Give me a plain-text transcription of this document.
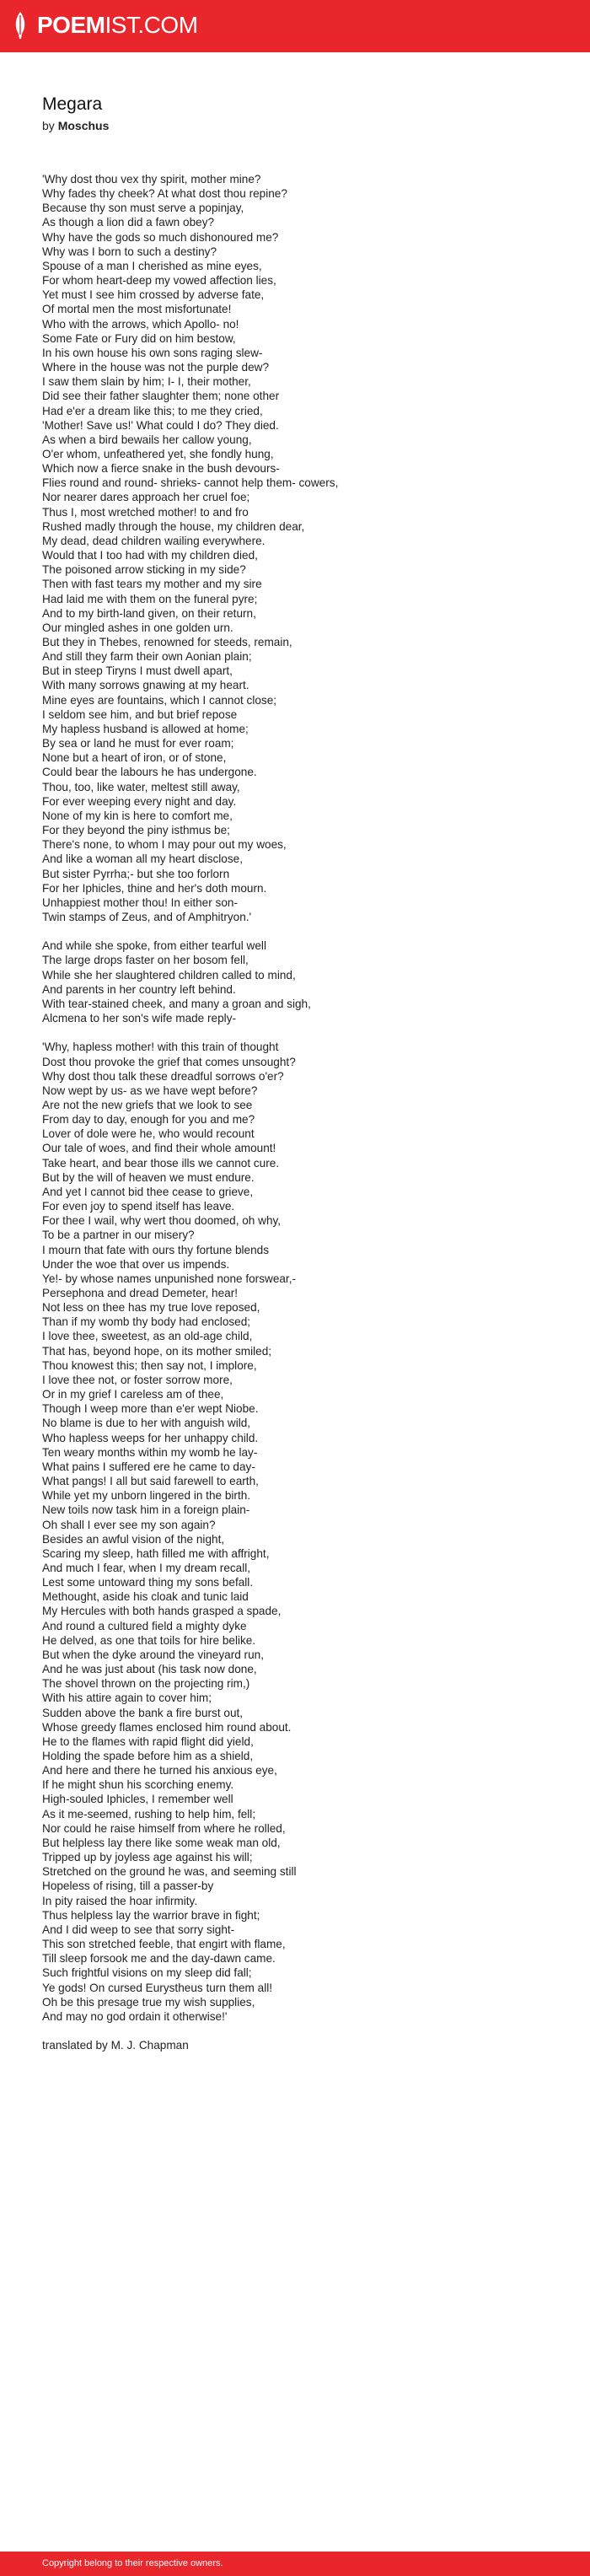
POEMIST.COM
Megara
by Moschus
'Why dost thou vex thy spirit, mother mine?
Why fades thy cheek? At what dost thou repine?
Because thy son must serve a popinjay,
As though a lion did a fawn obey?
Why have the gods so much dishonoured me?
Why was I born to such a destiny?
Spouse of a man I cherished as mine eyes,
For whom heart-deep my vowed affection lies,
Yet must I see him crossed by adverse fate,
Of mortal men the most misfortunate!
Who with the arrows, which Apollo- no!
Some Fate or Fury did on him bestow,
In his own house his own sons raging slew-
Where in the house was not the purple dew?
I saw them slain by him; I- I, their mother,
Did see their father slaughter them; none other
Had e'er a dream like this; to me they cried,
'Mother! Save us!' What could I do? They died.
As when a bird bewails her callow young,
O'er whom, unfeathered yet, she fondly hung,
Which now a fierce snake in the bush devours-
Flies round and round- shrieks- cannot help them- cowers,
Nor nearer dares approach her cruel foe;
Thus I, most wretched mother! to and fro
Rushed madly through the house, my children dear,
My dead, dead children wailing everywhere.
Would that I too had with my children died,
The poisoned arrow sticking in my side?
Then with fast tears my mother and my sire
Had laid me with them on the funeral pyre;
And to my birth-land given, on their return,
Our mingled ashes in one golden urn.
But they in Thebes, renowned for steeds, remain,
And still they farm their own Aonian plain;
But in steep Tiryns I must dwell apart,
With many sorrows gnawing at my heart.
Mine eyes are fountains, which I cannot close;
I seldom see him, and but brief repose
My hapless husband is allowed at home;
By sea or land he must for ever roam;
None but a heart of iron, or of stone,
Could bear the labours he has undergone.
Thou, too, like water, meltest still away,
For ever weeping every night and day.
None of my kin is here to comfort me,
For they beyond the piny isthmus be;
There's none, to whom I may pour out my woes,
And like a woman all my heart disclose,
But sister Pyrrha;- but she too forlorn
For her Iphicles, thine and her's doth mourn.
Unhappiest mother thou! In either son-
Twin stamps of Zeus, and of Amphitryon.'
And while she spoke, from either tearful well
The large drops faster on her bosom fell,
While she her slaughtered children called to mind,
And parents in her country left behind.
With tear-stained cheek, and many a groan and sigh,
Alcmena to her son's wife made reply-
'Why, hapless mother! with this train of thought
Dost thou provoke the grief that comes unsought?
Why dost thou talk these dreadful sorrows o'er?
Now wept by us- as we have wept before?
Are not the new griefs that we look to see
From day to day, enough for you and me?
Lover of dole were he, who would recount
Our tale of woes, and find their whole amount!
Take heart, and bear those ills we cannot cure.
But by the will of heaven we must endure.
And yet I cannot bid thee cease to grieve,
For even joy to spend itself has leave.
For thee I wail, why wert thou doomed, oh why,
To be a partner in our misery?
I mourn that fate with ours thy fortune blends
Under the woe that over us impends.
Ye!- by whose names unpunished none forswear,-
Persephona and dread Demeter, hear!
Not less on thee has my true love reposed,
Than if my womb thy body had enclosed;
I love thee, sweetest, as an old-age child,
That has, beyond hope, on its mother smiled;
Thou knowest this; then say not, I implore,
I love thee not, or foster sorrow more,
Or in my grief I careless am of thee,
Though I weep more than e'er wept Niobe.
No blame is due to her with anguish wild,
Who hapless weeps for her unhappy child.
Ten weary months within my womb he lay-
What pains I suffered ere he came to day-
What pangs! I all but said farewell to earth,
While yet my unborn lingered in the birth.
New toils now task him in a foreign plain-
Oh shall I ever see my son again?
Besides an awful vision of the night,
Scaring my sleep, hath filled me with affright,
And much I fear, when I my dream recall,
Lest some untoward thing my sons befall.
Methought, aside his cloak and tunic laid
My Hercules with both hands grasped a spade,
And round a cultured field a mighty dyke
He delved, as one that toils for hire belike.
But when the dyke around the vineyard run,
And he was just about (his task now done,
The shovel thrown on the projecting rim,)
With his attire again to cover him;
Sudden above the bank a fire burst out,
Whose greedy flames enclosed him round about.
He to the flames with rapid flight did yield,
Holding the spade before him as a shield,
And here and there he turned his anxious eye,
If he might shun his scorching enemy.
High-souled Iphicles, I remember well
As it me-seemed, rushing to help him, fell;
Nor could he raise himself from where he rolled,
But helpless lay there like some weak man old,
Tripped up by joyless age against his will;
Stretched on the ground he was, and seeming still
Hopeless of rising, till a passer-by
In pity raised the hoar infirmity.
Thus helpless lay the warrior brave in fight;
And I did weep to see that sorry sight-
This son stretched feeble, that engirt with flame,
Till sleep forsook me and the day-dawn came.
Such frightful visions on my sleep did fall;
Ye gods! On cursed Eurystheus turn them all!
Oh be this presage true my wish supplies,
And may no god ordain it otherwise!'
translated by M. J. Chapman
Copyright belong to their respective owners.
